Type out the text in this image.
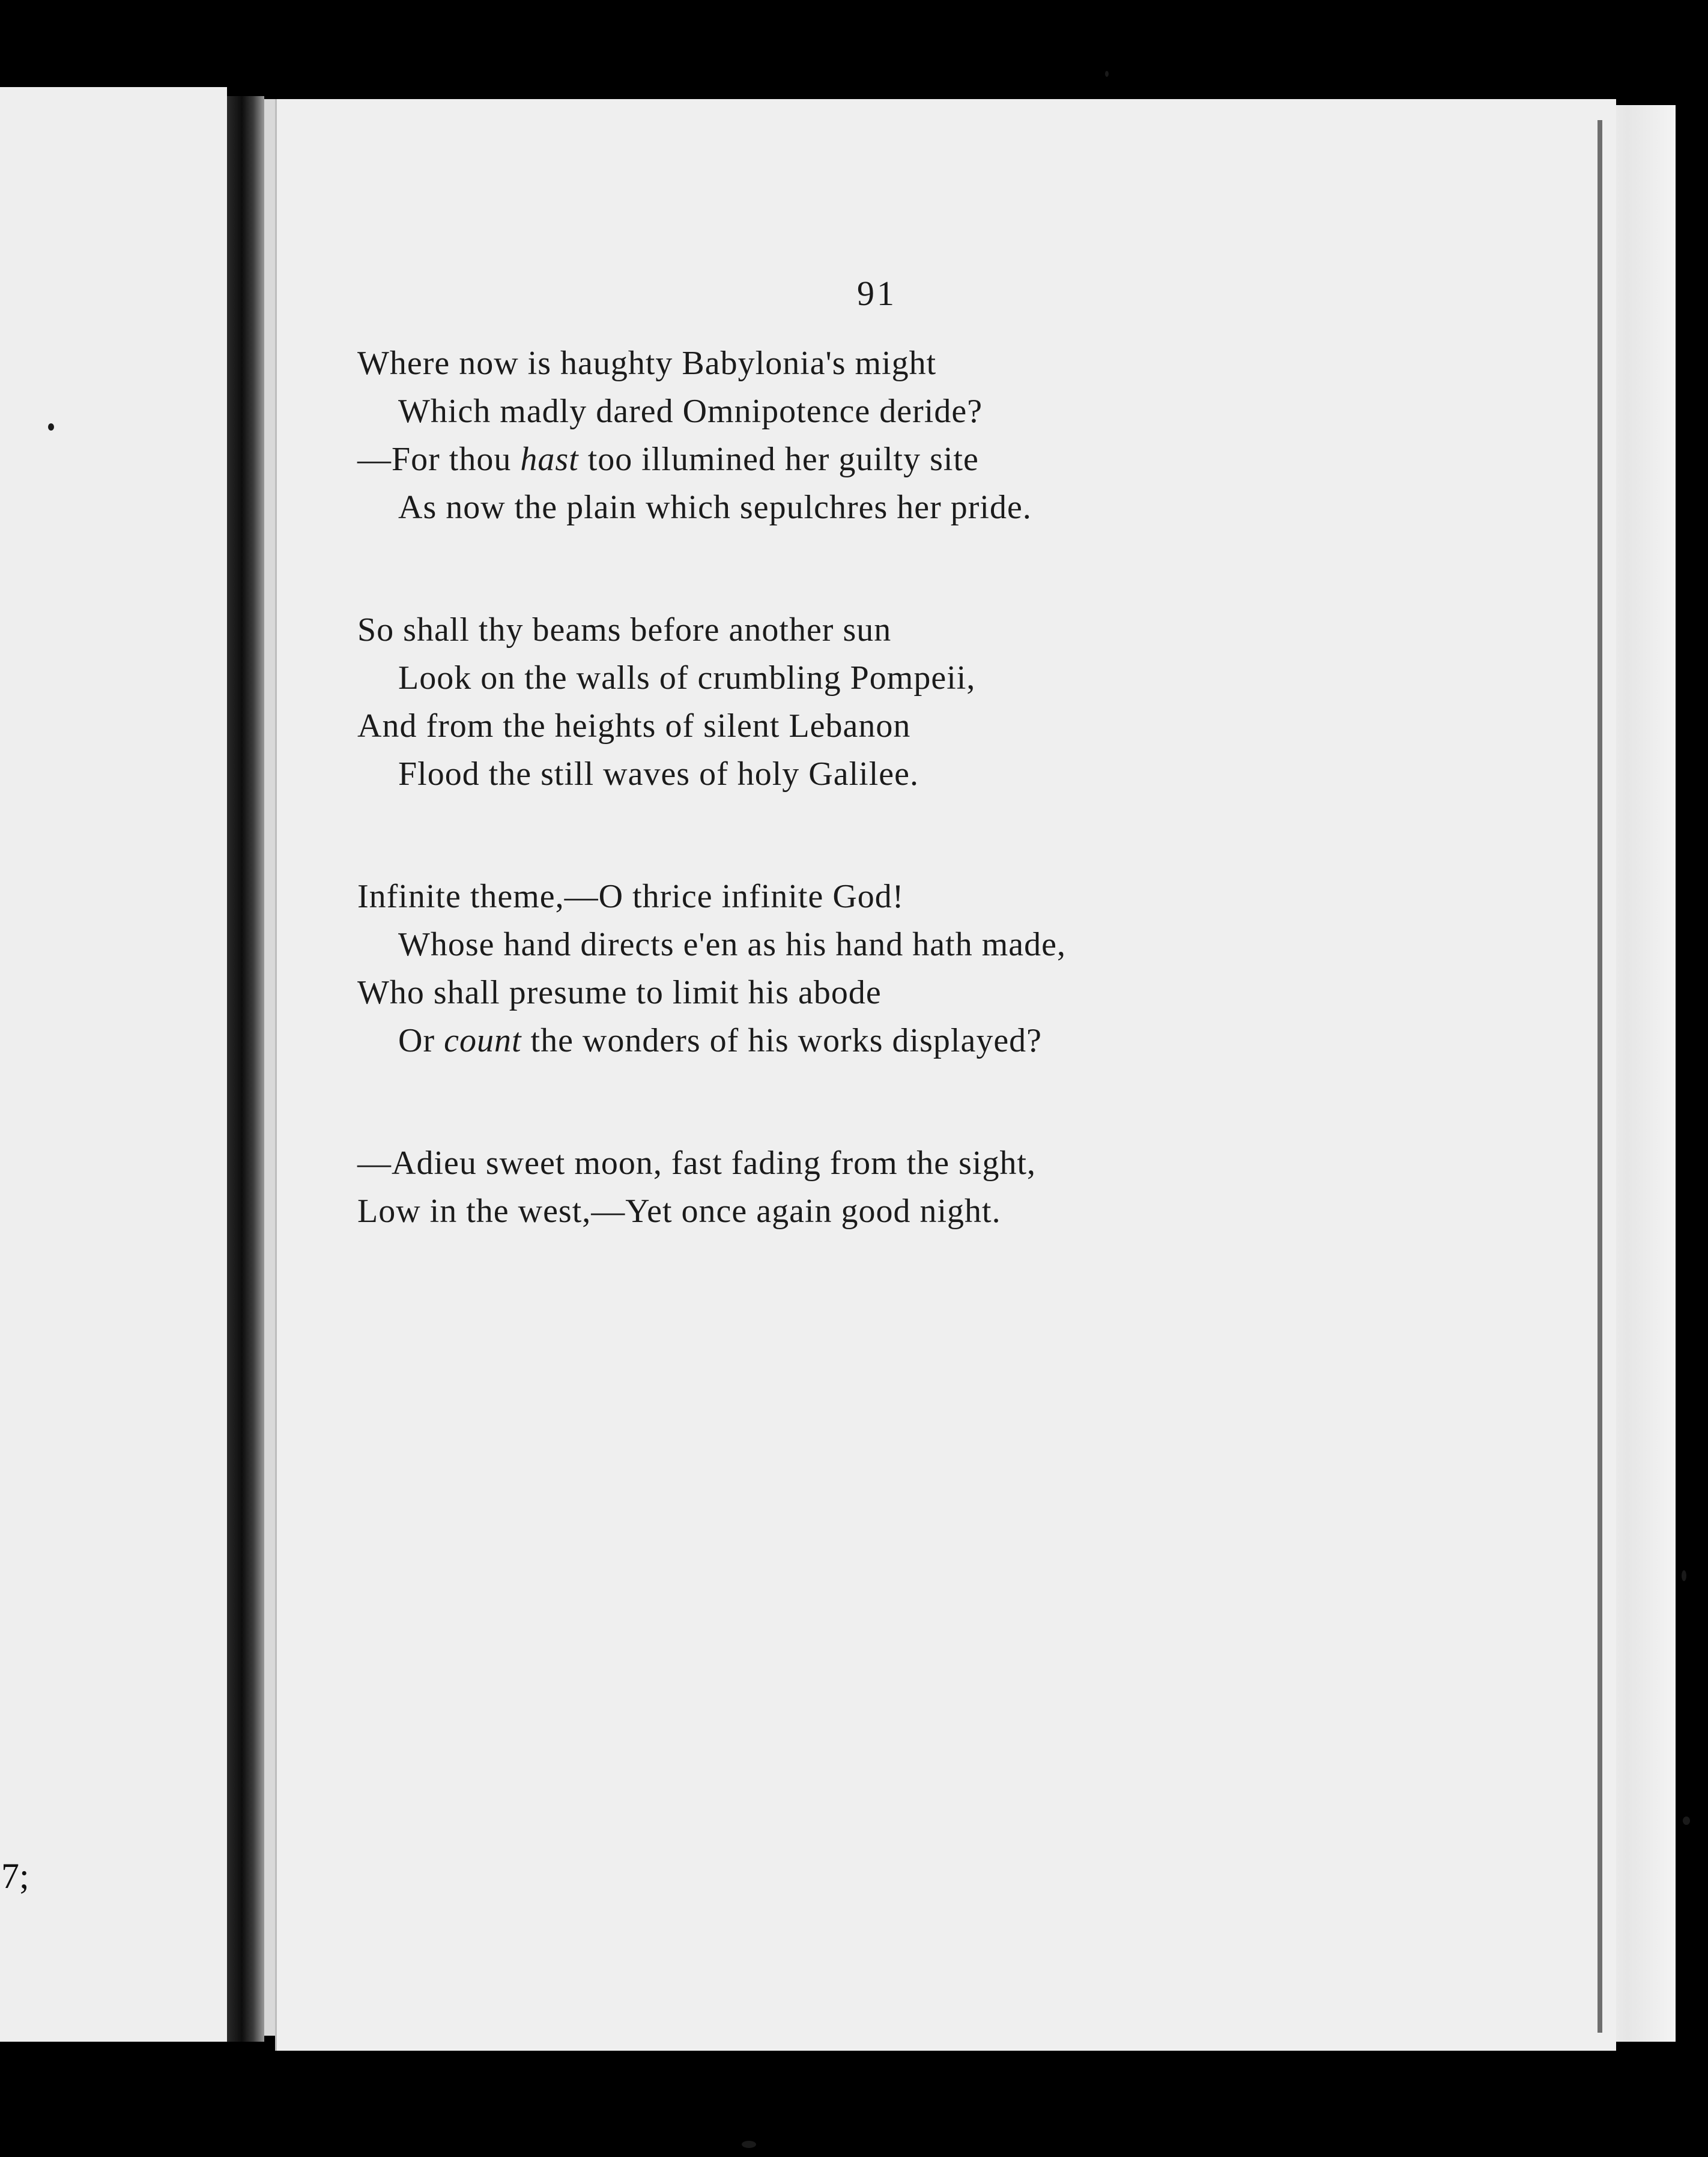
7;
91
Where now is haughty Babylonia's might
Which madly dared Omnipotence deride?
—For thou hast too illumined her guilty site
As now the plain which sepulchres her pride.
So shall thy beams before another sun
Look on the walls of crumbling Pompeii,
And from the heights of silent Lebanon
Flood the still waves of holy Galilee.
Infinite theme,—O thrice infinite God!
Whose hand directs e'en as his hand hath made,
Who shall presume to limit his abode
Or count the wonders of his works displayed?
—Adieu sweet moon, fast fading from the sight,
Low in the west,—Yet once again good night.
